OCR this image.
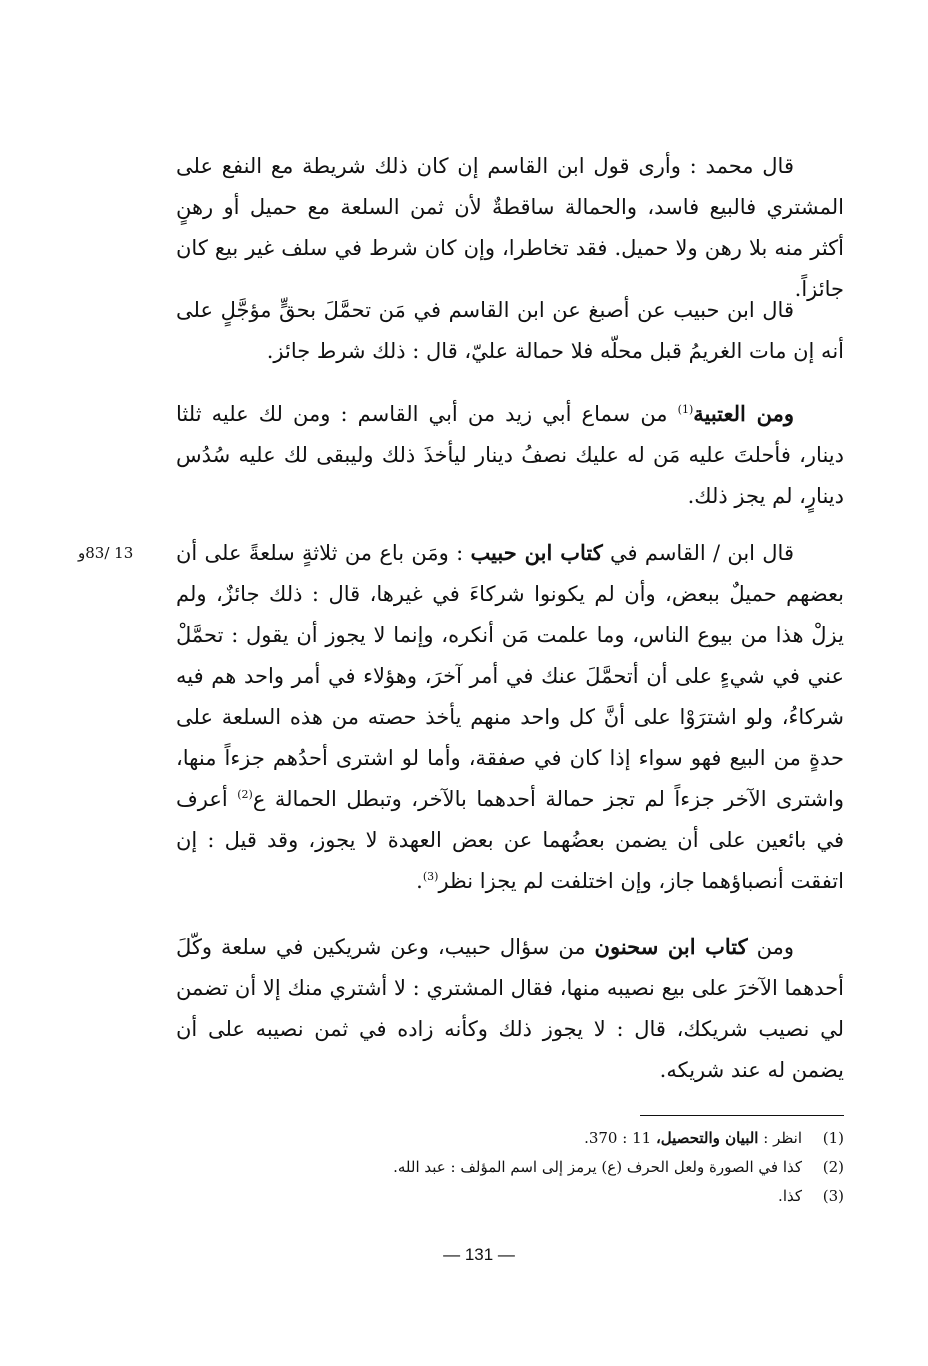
قال محمد : وأرى قول ابن القاسم إن كان ذلك شريطة مع النفع على المشتري فالبيع فاسد، والحمالة ساقطةٌ لأن ثمن السلعة مع حميل أو رهنٍ أكثر منه بلا رهن ولا حميل. فقد تخاطرا، وإن كان شرط في سلف غير بيع كان جائزاً.

قال ابن حبيب عن أصبغ عن ابن القاسم في مَن تحمَّلَ بحقٍّ مؤجَّلٍ على أنه إن مات الغريمُ قبل محلّه فلا حمالة عليّ، قال : ذلك شرط جائز.

ومن العتبية$^{(1)}$ من سماع أبي زيد من أبي القاسم : ومن لك عليه ثلثا دينار، فأحلتَ عليه مَن له عليك نصفُ دينار ليأخذَ ذلك وليبقى لك عليه سُدُس دينارٍ، لم يجز ذلك.

13 /83و	قال ابن / القاسم في كتاب ابن حبيب : ومَن باع من ثلاثةٍ سلعةً على أن بعضهم حميلٌ ببعض، وأن لم يكونوا شركاءَ في غيرها، قال : ذلك جائزٌ، ولم يزلْ هذا من بيوع الناس، وما علمت مَن أنكره، وإنما لا يجوز أن يقول : تحمَّلْ عني في شيءٍ على أن أتحمَّلَ عنك في أمر آخرَ، وهؤلاء في أمر واحد هم فيه شركاءُ، ولو اشترَوْا على أنَّ كل واحد منهم يأخذ حصته من هذه السلعة على حدةٍ من البيع فهو سواء إذا كان في صفقة، وأما لو اشترى أحدُهم جزءاً منها، واشترى الآخر جزءاً لم تجز حمالة أحدهما بالآخر، وتبطل الحمالة ع$^{(2)}$ أعرف في بائعين على أن يضمن بعضُهما عن بعض العهدة لا يجوز، وقد قيل : إن اتفقت أنصباؤهما جاز، وإن اختلفت لم يجزا نظر$^{(3)}$.

ومن كتاب ابن سحنون من سؤال حبيب، وعن شريكين في سلعة وكّلَ أحدهما الآخرَ على بيع نصيبه منها، فقال المشتري : لا أشتري منك إلا أن تضمن لي نصيب شريكك، قال : لا يجوز ذلك وكأنه زاده في ثمن نصيبه على أن يضمن له عند شريكه.

(1)
انظر : البيان والتحصيل، 11 : 370.
(2)
كذا في الصورة ولعل الحرف (ع) يرمز إلى اسم المؤلف : عبد الله.
(3)
كذا.
— 131 —
